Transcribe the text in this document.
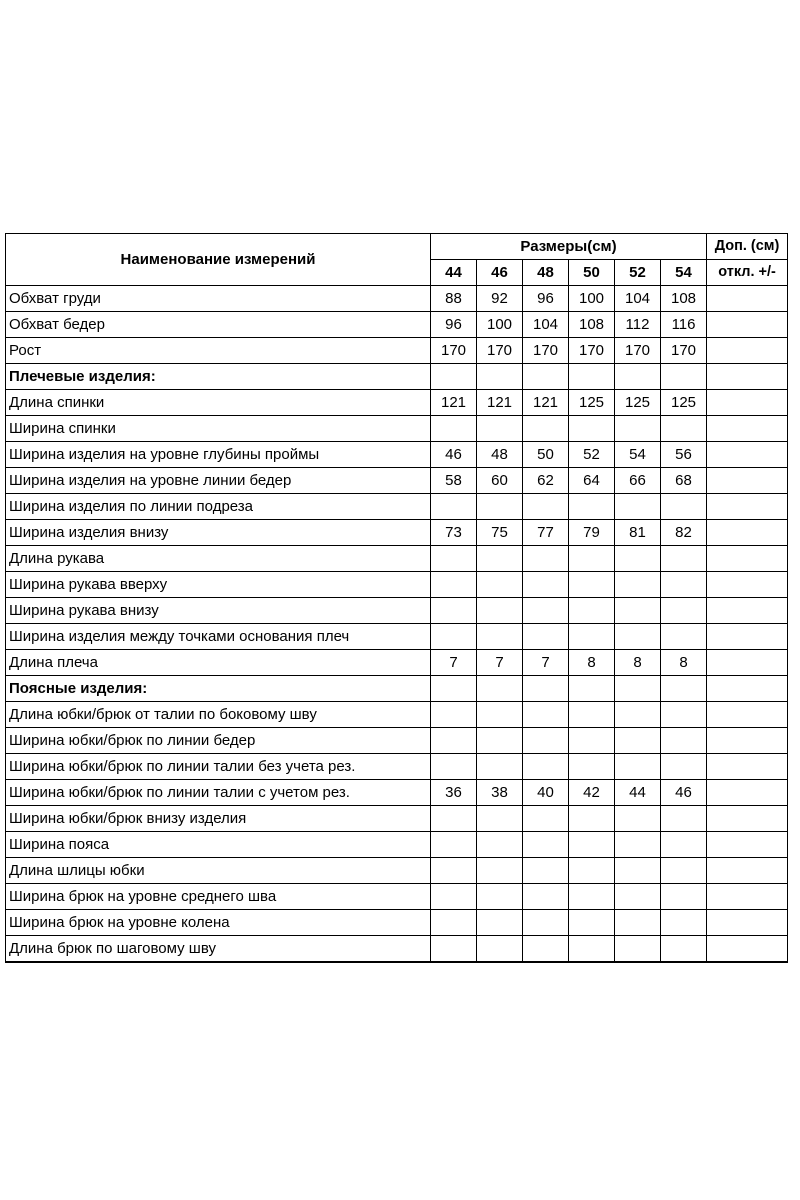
Наименование измерений	Размеры(см)						Доп. (см)
	44	46	48	50	52	54	откл. +/-
Обхват груди	88	92	96	100	104	108	
Обхват бедер	96	100	104	108	112	116	
Рост	170	170	170	170	170	170	
Плечевые изделия:							
Длина спинки	121	121	121	125	125	125	
Ширина спинки							
Ширина изделия на уровне глубины проймы	46	48	50	52	54	56	
Ширина изделия на уровне линии бедер	58	60	62	64	66	68	
Ширина изделия по линии подреза							
Ширина изделия внизу	73	75	77	79	81	82	
Длина рукава							
Ширина рукава вверху							
Ширина рукава внизу							
Ширина изделия между точками основания плеч							
Длина плеча	7	7	7	8	8	8	
Поясные изделия:							
Длина юбки/брюк от талии по боковому шву							
Ширина юбки/брюк по линии бедер							
Ширина юбки/брюк по линии талии без учета рез.							
Ширина юбки/брюк по линии талии с учетом рез.	36	38	40	42	44	46	
Ширина юбки/брюк внизу изделия							
Ширина пояса							
Длина шлицы юбки							
Ширина брюк на уровне среднего шва							
Ширина брюк на уровне колена							
Длина брюк по шаговому шву							
